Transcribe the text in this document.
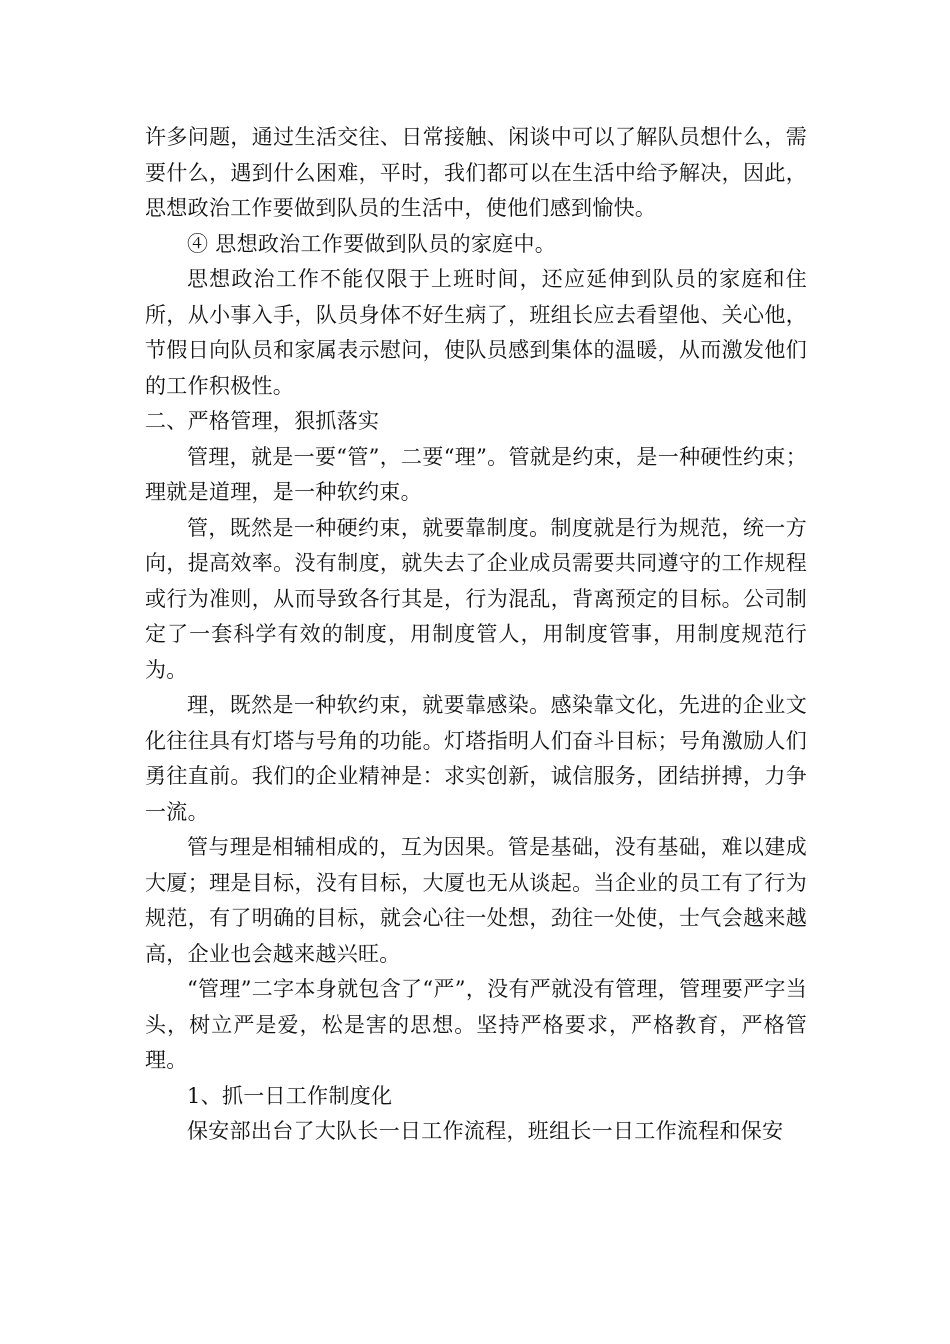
许多问题，通过生活交往、日常接触、闲谈中可以了解队员想什么，需要什么，遇到什么困难，平时，我们都可以在生活中给予解决，因此，思想政治工作要做到队员的生活中，使他们感到愉快。

④ 思想政治工作要做到队员的家庭中。

思想政治工作不能仅限于上班时间，还应延伸到队员的家庭和住所，从小事入手，队员身体不好生病了，班组长应去看望他、关心他，节假日向队员和家属表示慰问，使队员感到集体的温暖，从而激发他们的工作积极性。

二、严格管理，狠抓落实

管理，就是一要“管”，二要“理”。管就是约束，是一种硬性约束；理就是道理，是一种软约束。

管，既然是一种硬约束，就要靠制度。制度就是行为规范，统一方向，提高效率。没有制度，就失去了企业成员需要共同遵守的工作规程或行为准则，从而导致各行其是，行为混乱，背离预定的目标。公司制定了一套科学有效的制度，用制度管人，用制度管事，用制度规范行为。

理，既然是一种软约束，就要靠感染。感染靠文化，先进的企业文化往往具有灯塔与号角的功能。灯塔指明人们奋斗目标；号角激励人们勇往直前。我们的企业精神是：求实创新，诚信服务，团结拼搏，力争一流。

管与理是相辅相成的，互为因果。管是基础，没有基础，难以建成大厦；理是目标，没有目标，大厦也无从谈起。当企业的员工有了行为规范，有了明确的目标，就会心往一处想，劲往一处使，士气会越来越高，企业也会越来越兴旺。

“管理”二字本身就包含了“严”，没有严就没有管理，管理要严字当头，树立严是爱，松是害的思想。坚持严格要求，严格教育，严格管理。

1、抓一日工作制度化

保安部出台了大队长一日工作流程，班组长一日工作流程和保安
